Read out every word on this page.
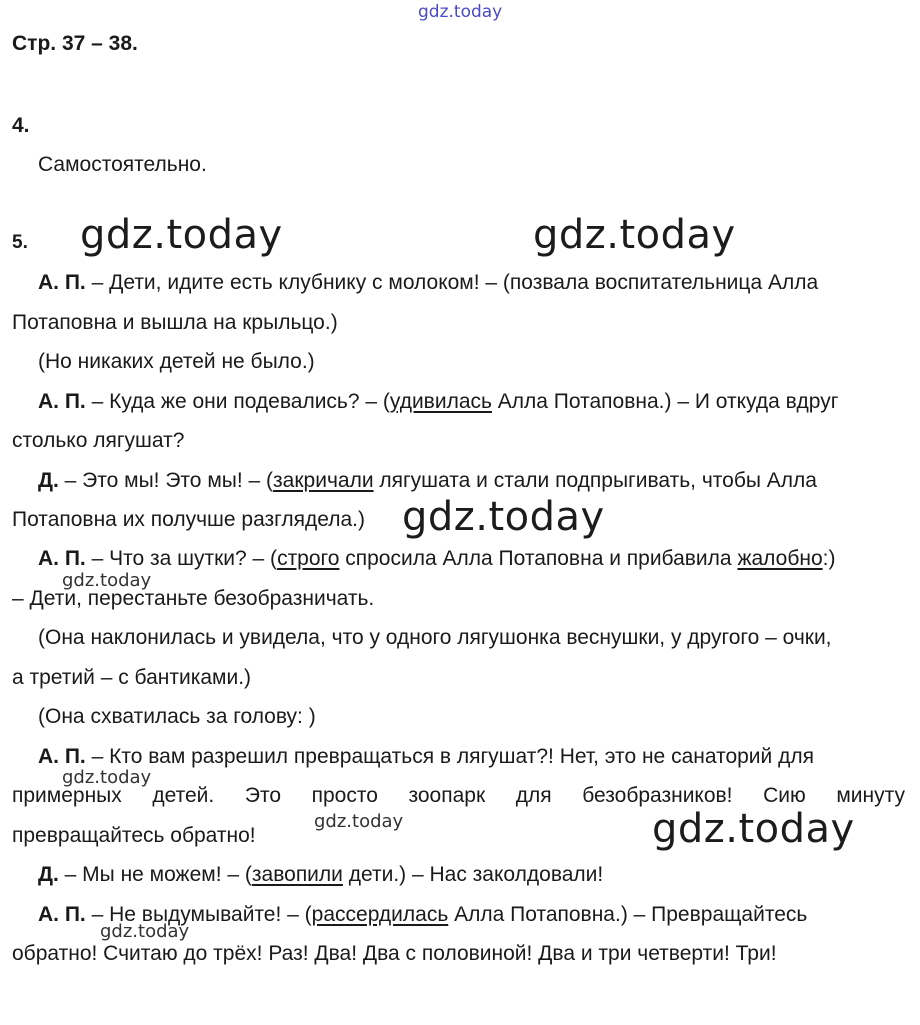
gdz.today
Стр. 37 – 38.
4.
Самостоятельно.
5. gdz.today	gdz.today
А. П. – Дети, идите есть клубнику с молоком! – (позвала воспитательница Алла
Потаповна и вышла на крыльцо.)
(Но никаких детей не было.)
А. П. – Куда же они подевались? – (удивилась Алла Потаповна.) – И откуда вдруг
столько лягушат?
Д. – Это мы! Это мы! – (закричали лягушата и стали подпрыгивать, чтобы Алла
Потаповна их получше разглядела.) gdz.today
А. П. – Что за шутки? – (строго спросила Алла Потаповна и прибавила жалобно:)
gdz.today
– Дети, перестаньте безобразничать.
(Она наклонилась и увидела, что у одного лягушонка веснушки, у другого – очки,
а третий – с бантиками.)
(Она схватилась за голову: )
А. П. – Кто вам разрешил превращаться в лягушат?! Нет, это не санаторий для
gdz.today
примерных детей. Это просто зоопарк для безобразников! Сию минуту
превращайтесь обратно!
gdz.today	gdz.today
Д. – Мы не можем! – (завопили дети.) – Нас заколдовали!
А. П. – Не выдумывайте! – (рассердилась Алла Потаповна.) – Превращайтесь
gdz.today
обратно! Считаю до трёх! Раз! Два! Два с половиной! Два и три четверти! Три!
